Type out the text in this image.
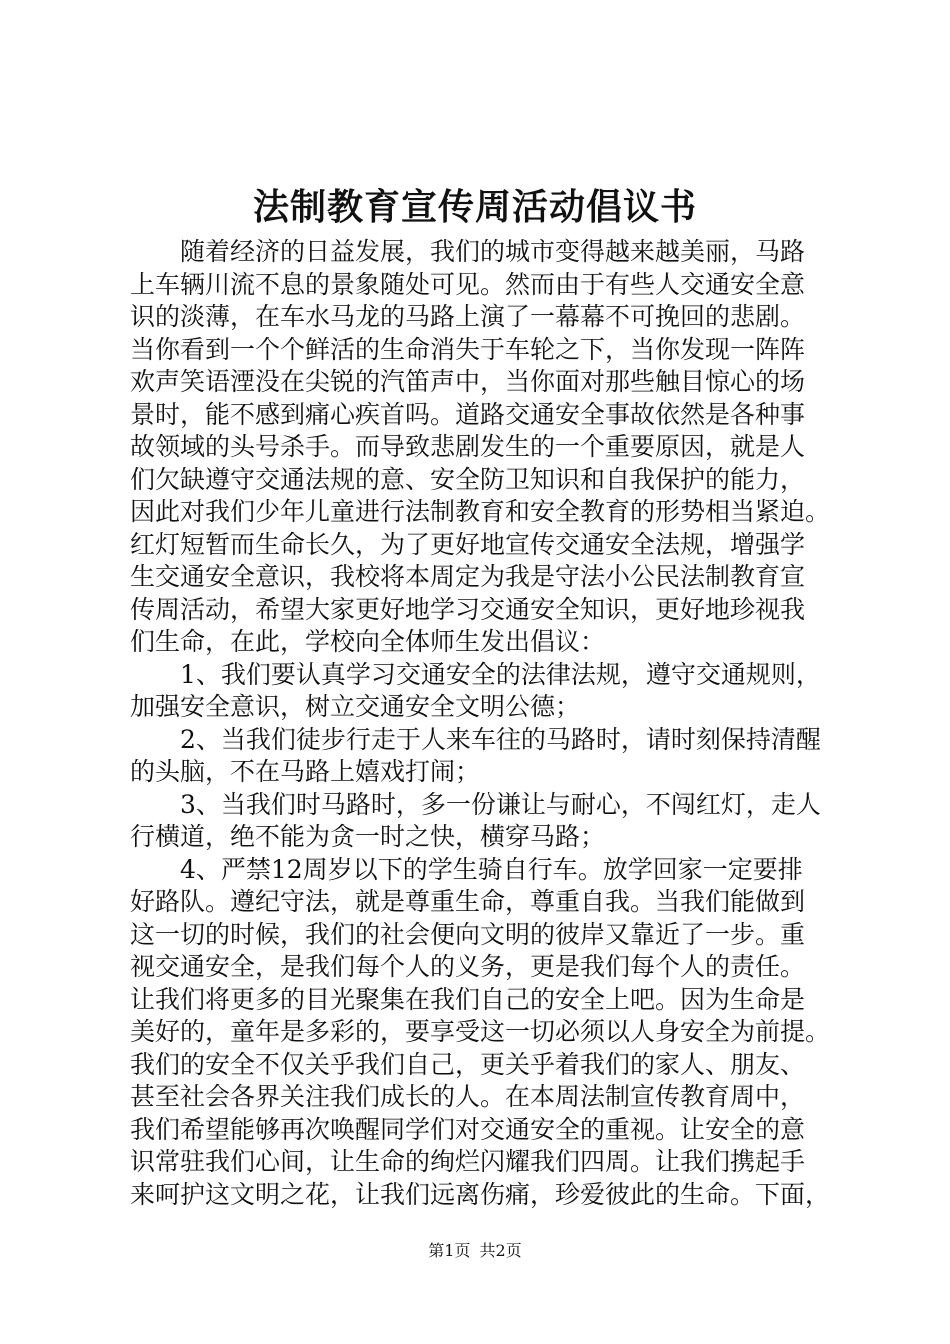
法制教育宣传周活动倡议书
随着经济的日益发展，我们的城市变得越来越美丽，马路
上车辆川流不息的景象随处可见。然而由于有些人交通安全意
识的淡薄，在车水马龙的马路上演了一幕幕不可挽回的悲剧。
当你看到一个个鲜活的生命消失于车轮之下，当你发现一阵阵
欢声笑语湮没在尖锐的汽笛声中，当你面对那些触目惊心的场
景时，能不感到痛心疾首吗。道路交通安全事故依然是各种事
故领域的头号杀手。而导致悲剧发生的一个重要原因，就是人
们欠缺遵守交通法规的意、安全防卫知识和自我保护的能力，
因此对我们少年儿童进行法制教育和安全教育的形势相当紧迫。
红灯短暂而生命长久，为了更好地宣传交通安全法规，增强学
生交通安全意识，我校将本周定为我是守法小公民法制教育宣
传周活动，希望大家更好地学习交通安全知识，更好地珍视我
们生命，在此，学校向全体师生发出倡议：
1、我们要认真学习交通安全的法律法规，遵守交通规则，
加强安全意识，树立交通安全文明公德；
2、当我们徒步行走于人来车往的马路时，请时刻保持清醒
的头脑，不在马路上嬉戏打闹；
3、当我们时马路时，多一份谦让与耐心，不闯红灯，走人
行横道，绝不能为贪一时之快，横穿马路；
4、严禁12周岁以下的学生骑自行车。放学回家一定要排
好路队。遵纪守法，就是尊重生命，尊重自我。当我们能做到
这一切的时候，我们的社会便向文明的彼岸又靠近了一步。重
视交通安全，是我们每个人的义务，更是我们每个人的责任。
让我们将更多的目光聚集在我们自己的安全上吧。因为生命是
美好的，童年是多彩的，要享受这一切必须以人身安全为前提。
我们的安全不仅关乎我们自己，更关乎着我们的家人、朋友、
甚至社会各界关注我们成长的人。在本周法制宣传教育周中，
我们希望能够再次唤醒同学们对交通安全的重视。让安全的意
识常驻我们心间，让生命的绚烂闪耀我们四周。让我们携起手
来呵护这文明之花，让我们远离伤痛，珍爱彼此的生命。下面，
第1页 共2页
